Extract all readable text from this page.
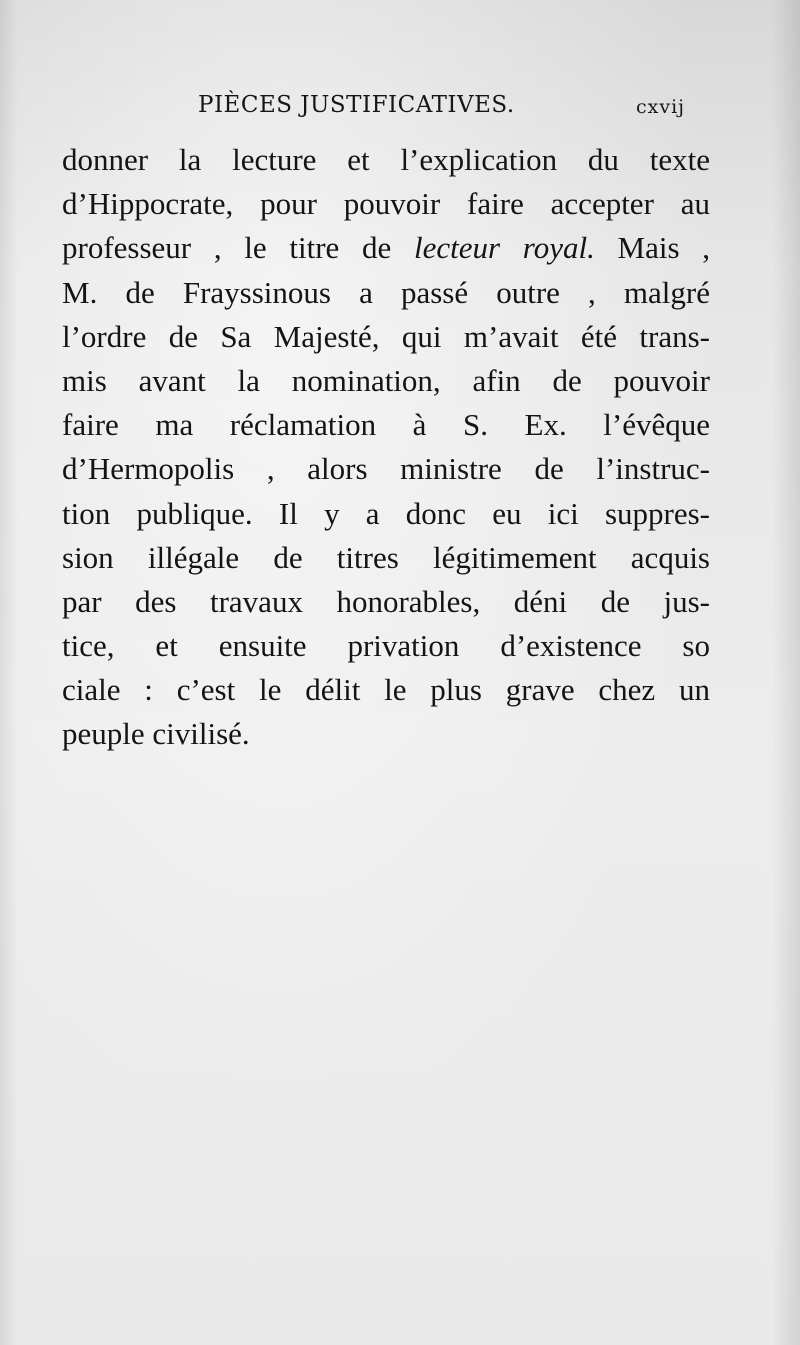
PIÈCES JUSTIFICATIVES.	cxvij
donner la lecture et l’explication du texte
d’Hippocrate, pour pouvoir faire accepter au
professeur , le titre de lecteur royal. Mais ,
M. de Frayssinous a passé outre , malgré
l’ordre de Sa Majesté, qui m’avait été trans-
mis avant la nomination, afin de pouvoir
faire ma réclamation à S. Ex. l’évêque
d’Hermopolis , alors ministre de l’instruc-
tion publique. Il y a donc eu ici suppres-
sion illégale de titres légitimement acquis
par des travaux honorables, déni de jus-
tice, et ensuite privation d’existence so
ciale : c’est le délit le plus grave chez un
peuple civilisé.
